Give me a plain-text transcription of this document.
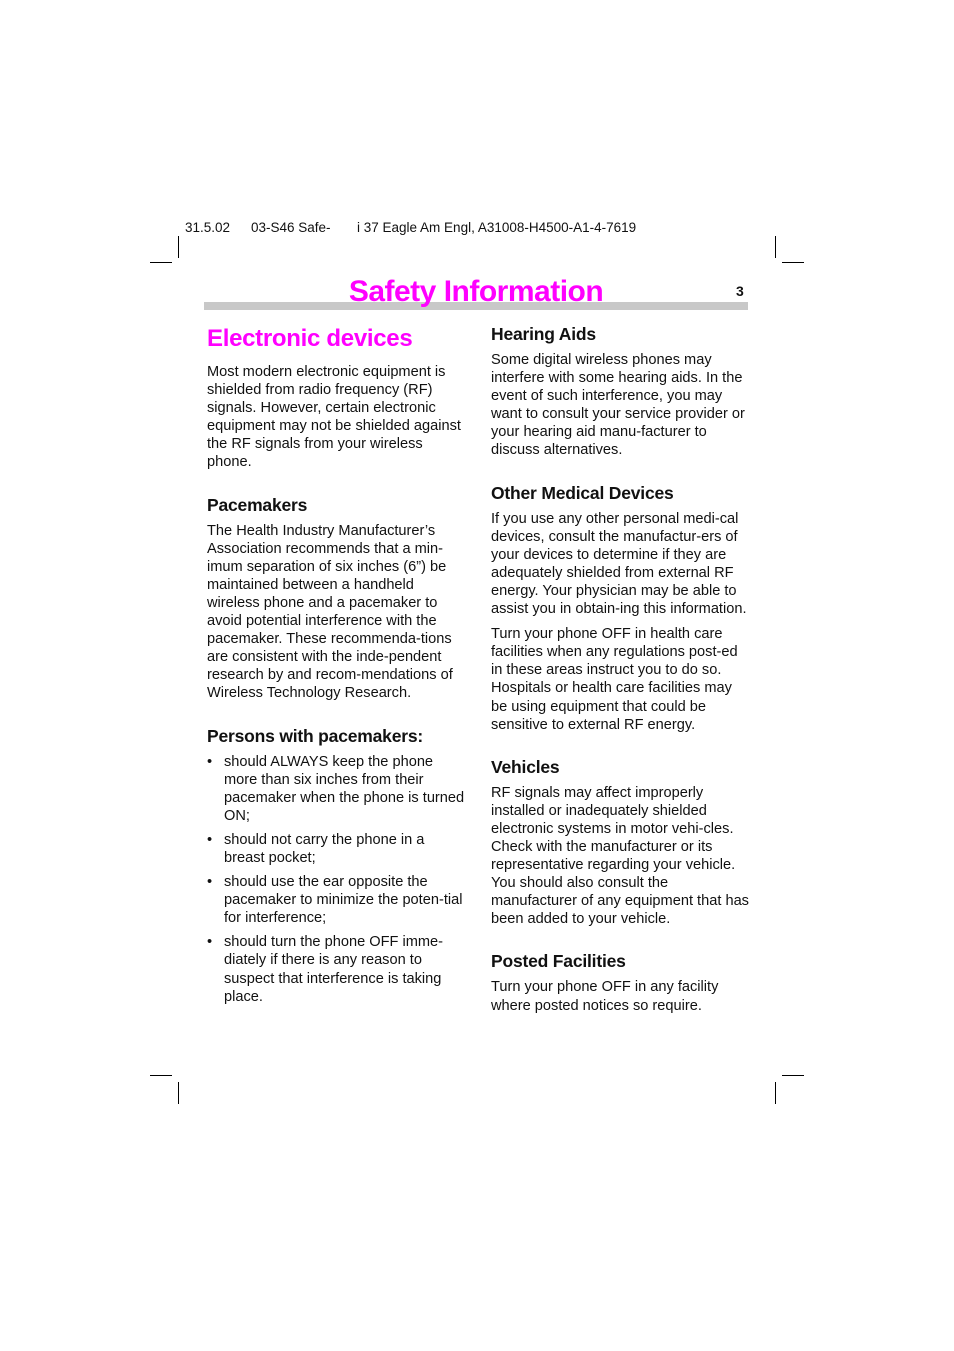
31.5.02 03-S46 Safe- i 37 Eagle Am Engl, A31008-H4500-A1-4-7619
Safety Information	3
Electronic devices

Most modern electronic equipment is shielded from radio frequency (RF) signals. However, certain electronic equipment may not be shielded against the RF signals from your wireless phone.

Pacemakers

The Health Industry Manufacturer’s Association recommends that a min-imum separation of six inches (6”) be maintained between a handheld wireless phone and a pacemaker to avoid potential interference with the pacemaker. These recommenda-tions are consistent with the inde-pendent research by and recom-mendations of Wireless Technology Research.

Persons with pacemakers:
• should ALWAYS keep the phone more than six inches from their pacemaker when the phone is turned ON;
• should not carry the phone in a breast pocket;
• should use the ear opposite the pacemaker to minimize the poten-tial for interference;
• should turn the phone OFF imme-diately if there is any reason to suspect that interference is taking place.
Hearing Aids

Some digital wireless phones may interfere with some hearing aids. In the event of such interference, you may want to consult your service provider or your hearing aid manu-facturer to discuss alternatives.

Other Medical Devices

If you use any other personal medi-cal devices, consult the manufactur-ers of your devices to determine if they are adequately shielded from external RF energy. Your physician may be able to assist you in obtain-ing this information.

Turn your phone OFF in health care facilities when any regulations post-ed in these areas instruct you to do so. Hospitals or health care facilities may be using equipment that could be sensitive to external RF energy.

Vehicles

RF signals may affect improperly installed or inadequately shielded electronic systems in motor vehi-cles. Check with the manufacturer or its representative regarding your vehicle. You should also consult the manufacturer of any equipment that has been added to your vehicle.

Posted Facilities

Turn your phone OFF in any facility where posted notices so require.
